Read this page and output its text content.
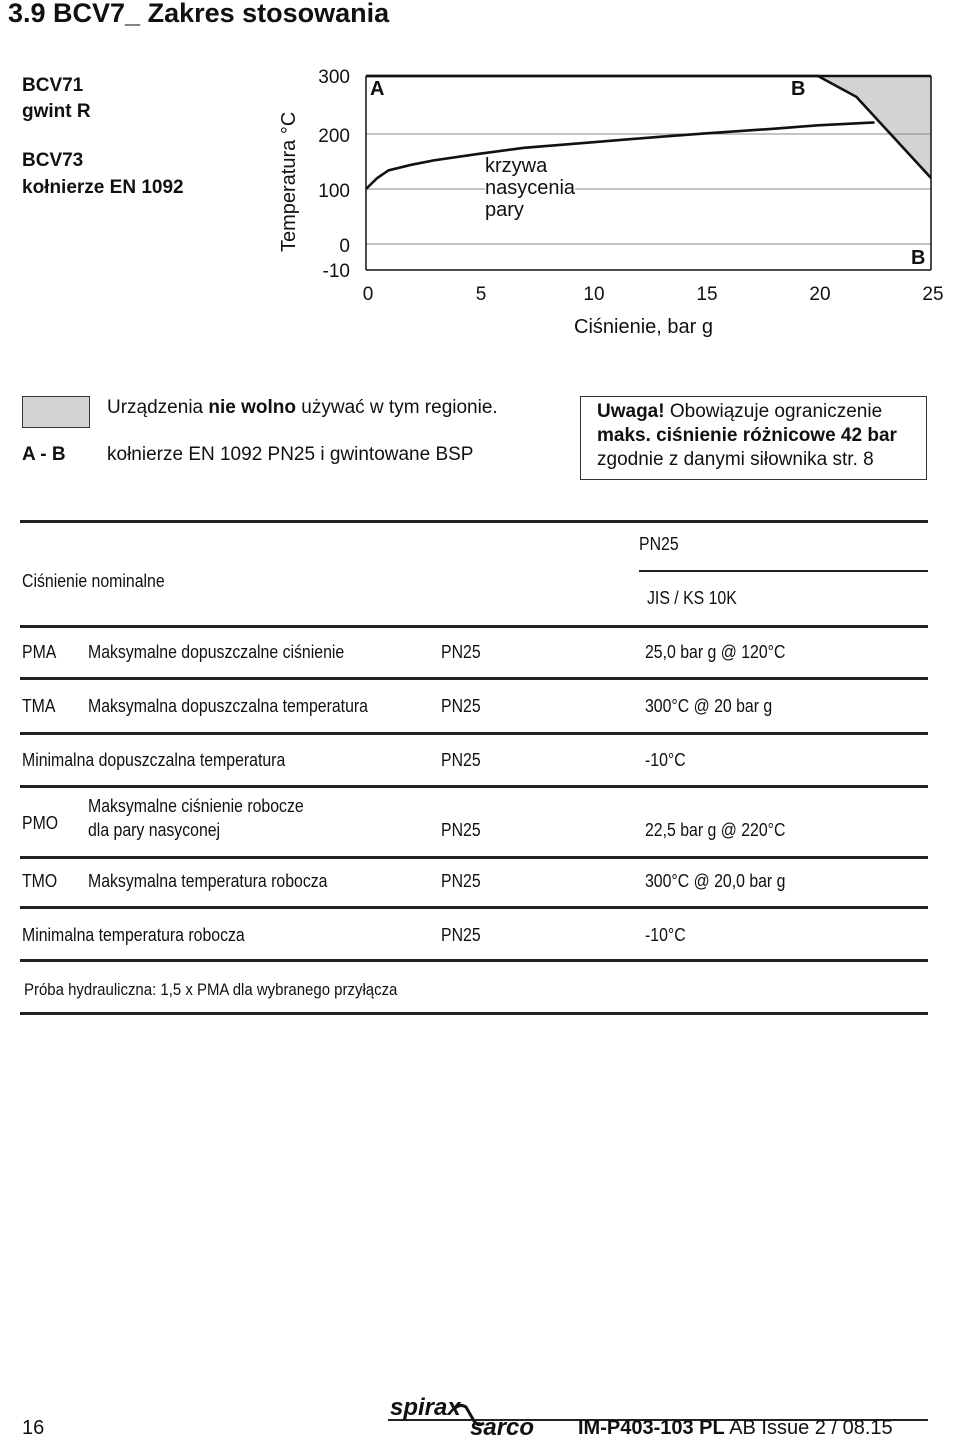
3.9 BCV7_ Zakres stosowania
BCV71
gwint R
BCV73
kołnierze EN 1092	Temperatura °C
300
200
100
0
-10
0	5	10	15	20	25
Ciśnienie, bar g
A	B
B
krzywa
nasycenia
pary
Urządzenia nie wolno używać w tym regionie.
A - B kołnierze EN 1092 PN25 i gwintowane BSP
Uwaga! Obowiązuje ograniczenie
maks. ciśnienie różnicowe 42 bar
zgodnie z danymi siłownika str. 8
PN25
Ciśnienie nominalne
JIS / KS 10K
PMA Maksymalne dopuszczalne ciśnienie	PN25	25,0 bar g @ 120°C
TMA Maksymalna dopuszczalna temperatura	PN25	300°C @ 20 bar g
Minimalna dopuszczalna temperatura	PN25	-10°C
PMO
Maksymalne ciśnienie robocze
dla pary nasyconej	PN25	22,5 bar g @ 220°C
TMO Maksymalna temperatura robocza	PN25	300°C @ 20,0 bar g
Minimalna temperatura robocza	PN25	-10°C
Próba hydrauliczna: 1,5 x PMA dla wybranego przyłącza
16
spirax
sarco IM-P403-103 PL AB Issue 2 / 08.15
